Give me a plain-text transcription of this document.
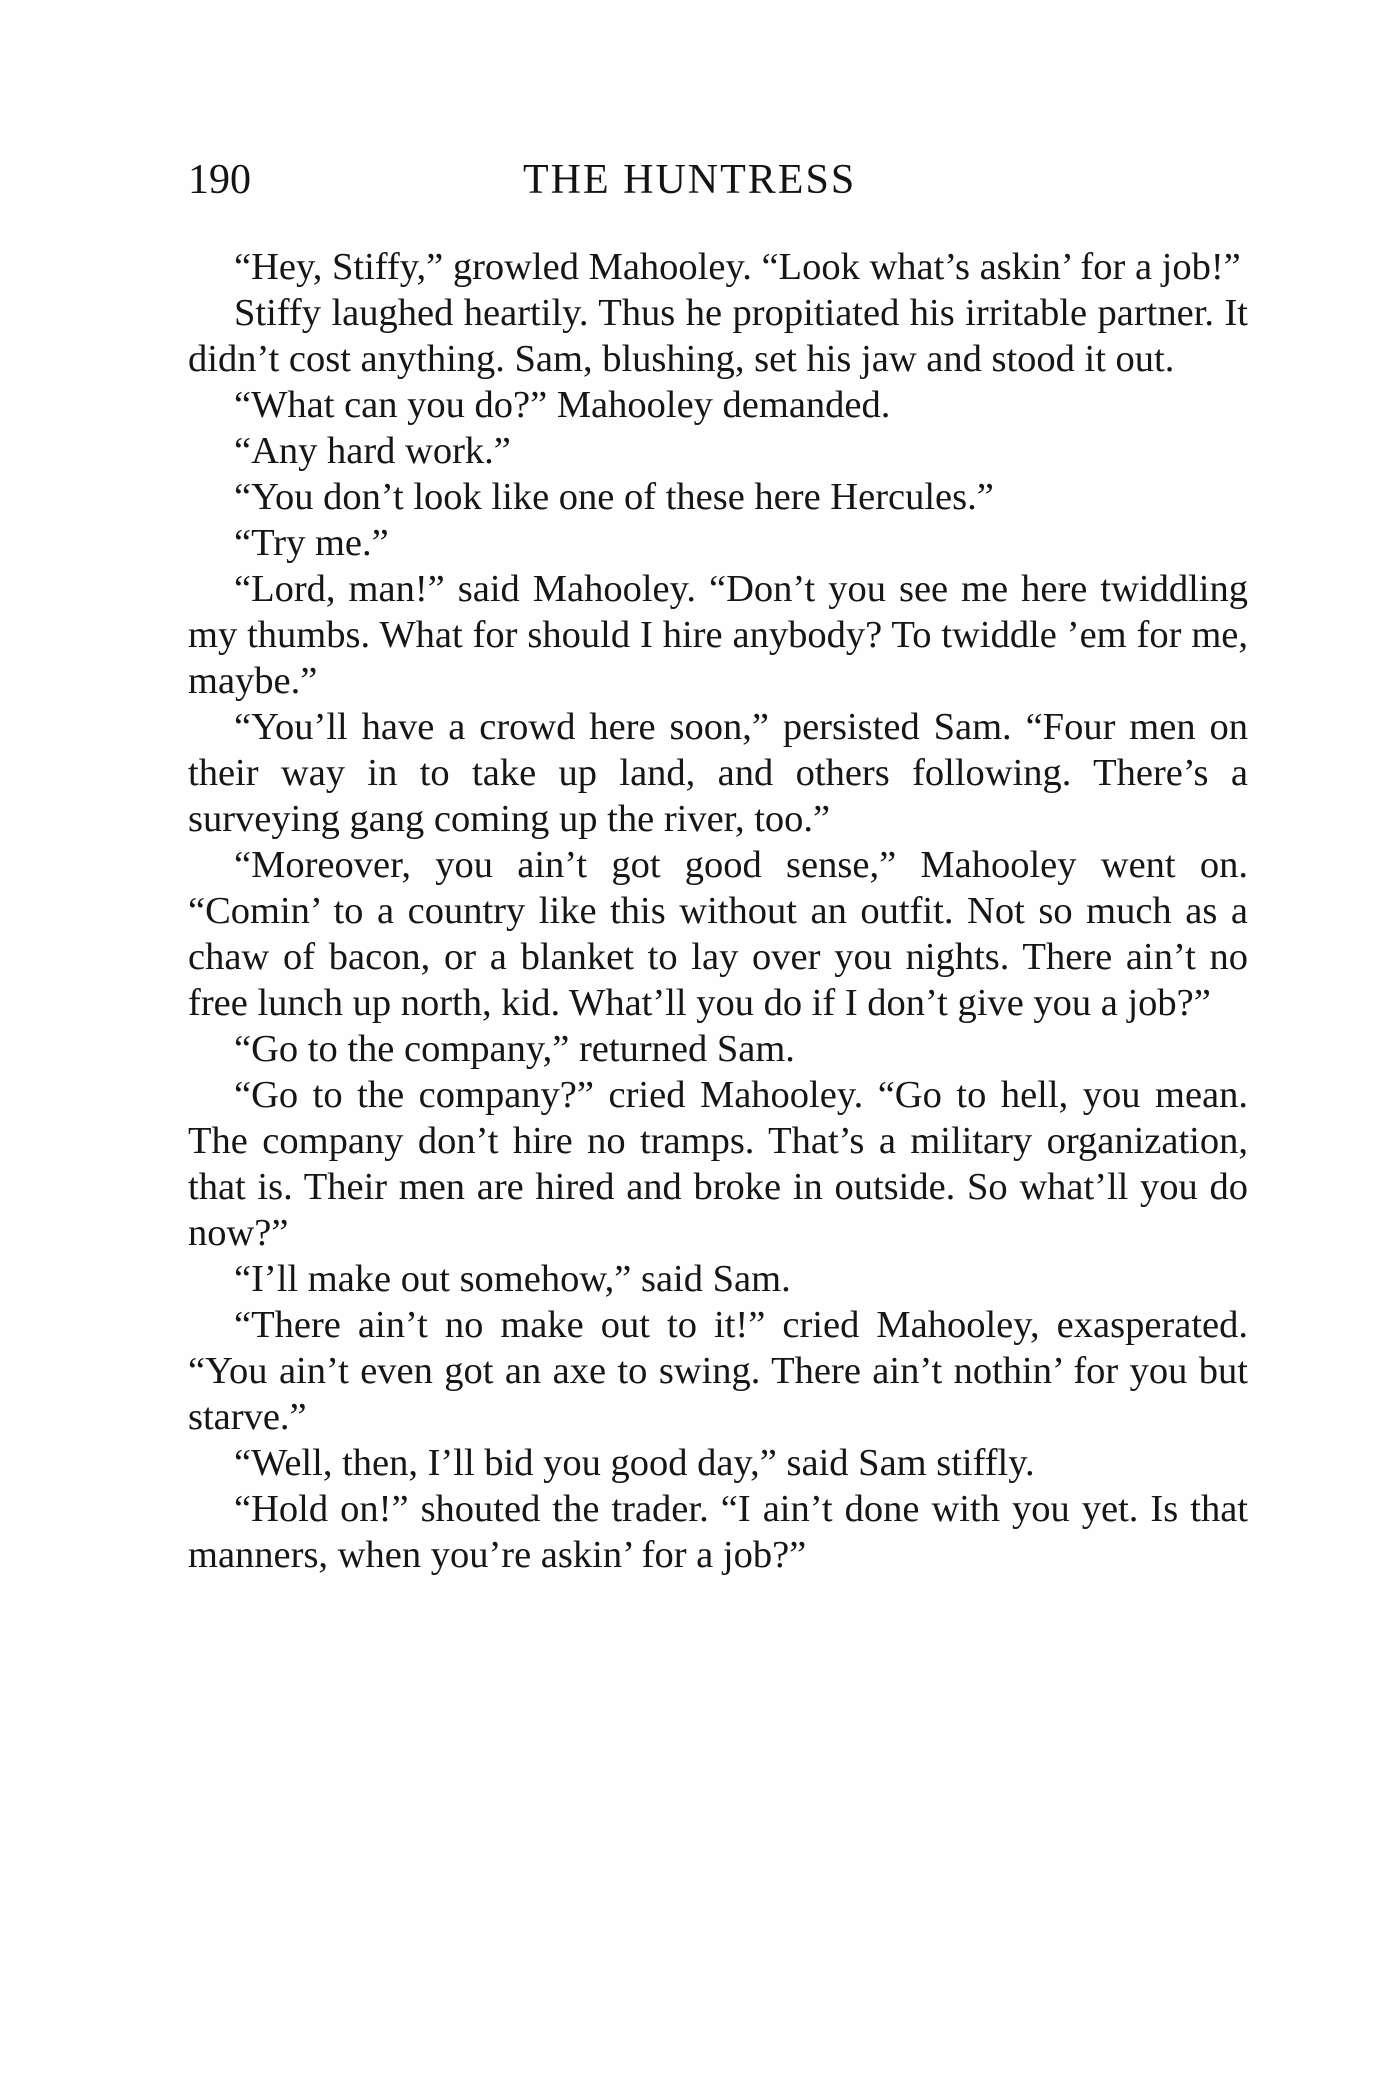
190	THE HUNTRESS

“Hey, Stiffy,” growled Mahooley. “Look what’s askin’ for a job!”

Stiffy laughed heartily. Thus he propitiated his irritable partner. It didn’t cost anything. Sam, blushing, set his jaw and stood it out.

“What can you do?” Mahooley demanded.

“Any hard work.”

“You don’t look like one of these here Hercules.”

“Try me.”

“Lord, man!” said Mahooley. “Don’t you see me here twiddling my thumbs. What for should I hire anybody? To twiddle ’em for me, maybe.”

“You’ll have a crowd here soon,” persisted Sam. “Four men on their way in to take up land, and others following. There’s a surveying gang coming up the river, too.”

“Moreover, you ain’t got good sense,” Mahooley went on. “Comin’ to a country like this without an outfit. Not so much as a chaw of bacon, or a blanket to lay over you nights. There ain’t no free lunch up north, kid. What’ll you do if I don’t give you a job?”

“Go to the company,” returned Sam.

“Go to the company?” cried Mahooley. “Go to hell, you mean. The company don’t hire no tramps. That’s a military organization, that is. Their men are hired and broke in outside. So what’ll you do now?”

“I’ll make out somehow,” said Sam.

“There ain’t no make out to it!” cried Mahooley, exasperated. “You ain’t even got an axe to swing. There ain’t nothin’ for you but starve.”

“Well, then, I’ll bid you good day,” said Sam stiffly.

“Hold on!” shouted the trader. “I ain’t done with you yet. Is that manners, when you’re askin’ for a job?”
